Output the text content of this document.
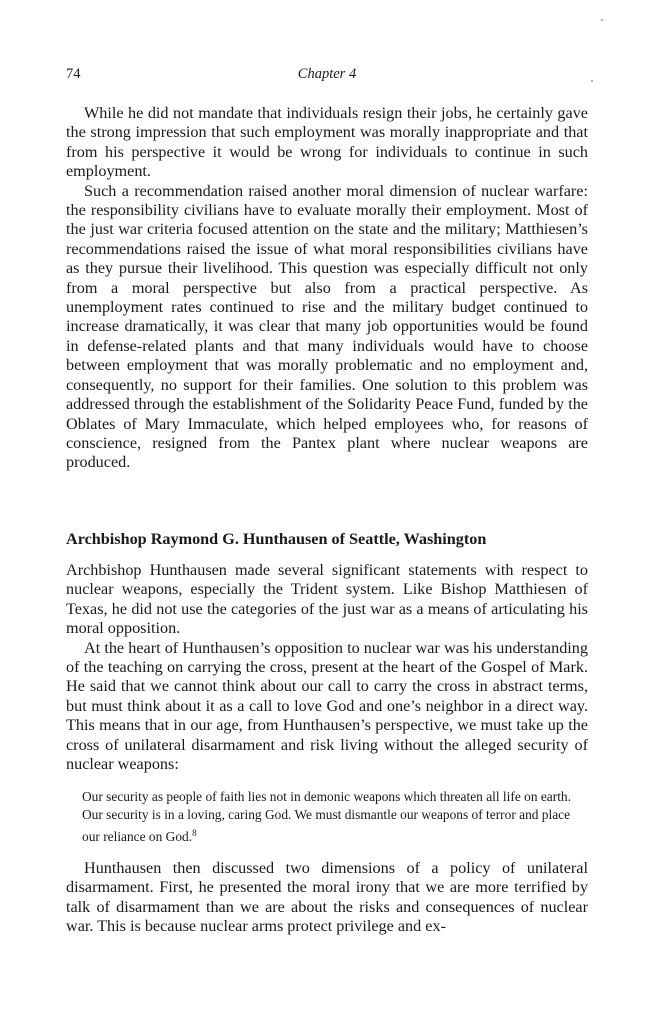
74	Chapter 4

While he did not mandate that individuals resign their jobs, he certainly gave the strong impression that such employment was morally inappropriate and that from his perspective it would be wrong for individuals to continue in such employment.

Such a recommendation raised another moral dimension of nuclear warfare: the responsibility civilians have to evaluate morally their employment. Most of the just war criteria focused attention on the state and the military; Matthiesen’s recommendations raised the issue of what moral responsibilities civilians have as they pursue their livelihood. This question was especially difficult not only from a moral perspective but also from a practical perspective. As unemployment rates continued to rise and the military budget continued to increase dramatically, it was clear that many job opportunities would be found in defense-related plants and that many individuals would have to choose between employment that was morally problematic and no employment and, consequently, no support for their families. One solution to this problem was addressed through the establishment of the Solidarity Peace Fund, funded by the Oblates of Mary Immaculate, which helped employees who, for reasons of conscience, resigned from the Pantex plant where nuclear weapons are produced.

Archbishop Raymond G. Hunthausen of Seattle, Washington

Archbishop Hunthausen made several significant statements with respect to nuclear weapons, especially the Trident system. Like Bishop Matthiesen of Texas, he did not use the categories of the just war as a means of articulating his moral opposition.

At the heart of Hunthausen’s opposition to nuclear war was his understanding of the teaching on carrying the cross, present at the heart of the Gospel of Mark. He said that we cannot think about our call to carry the cross in abstract terms, but must think about it as a call to love God and one’s neighbor in a direct way. This means that in our age, from Hunthausen’s perspective, we must take up the cross of unilateral disarmament and risk living without the alleged security of nuclear weapons:

Our security as people of faith lies not in demonic weapons which threaten all life on earth. Our security is in a loving, caring God. We must dismantle our weapons of terror and place our reliance on God.$^8$

Hunthausen then discussed two dimensions of a policy of unilateral disarmament. First, he presented the moral irony that we are more terrified by talk of disarmament than we are about the risks and consequences of nuclear war. This is because nuclear arms protect privilege and ex-
